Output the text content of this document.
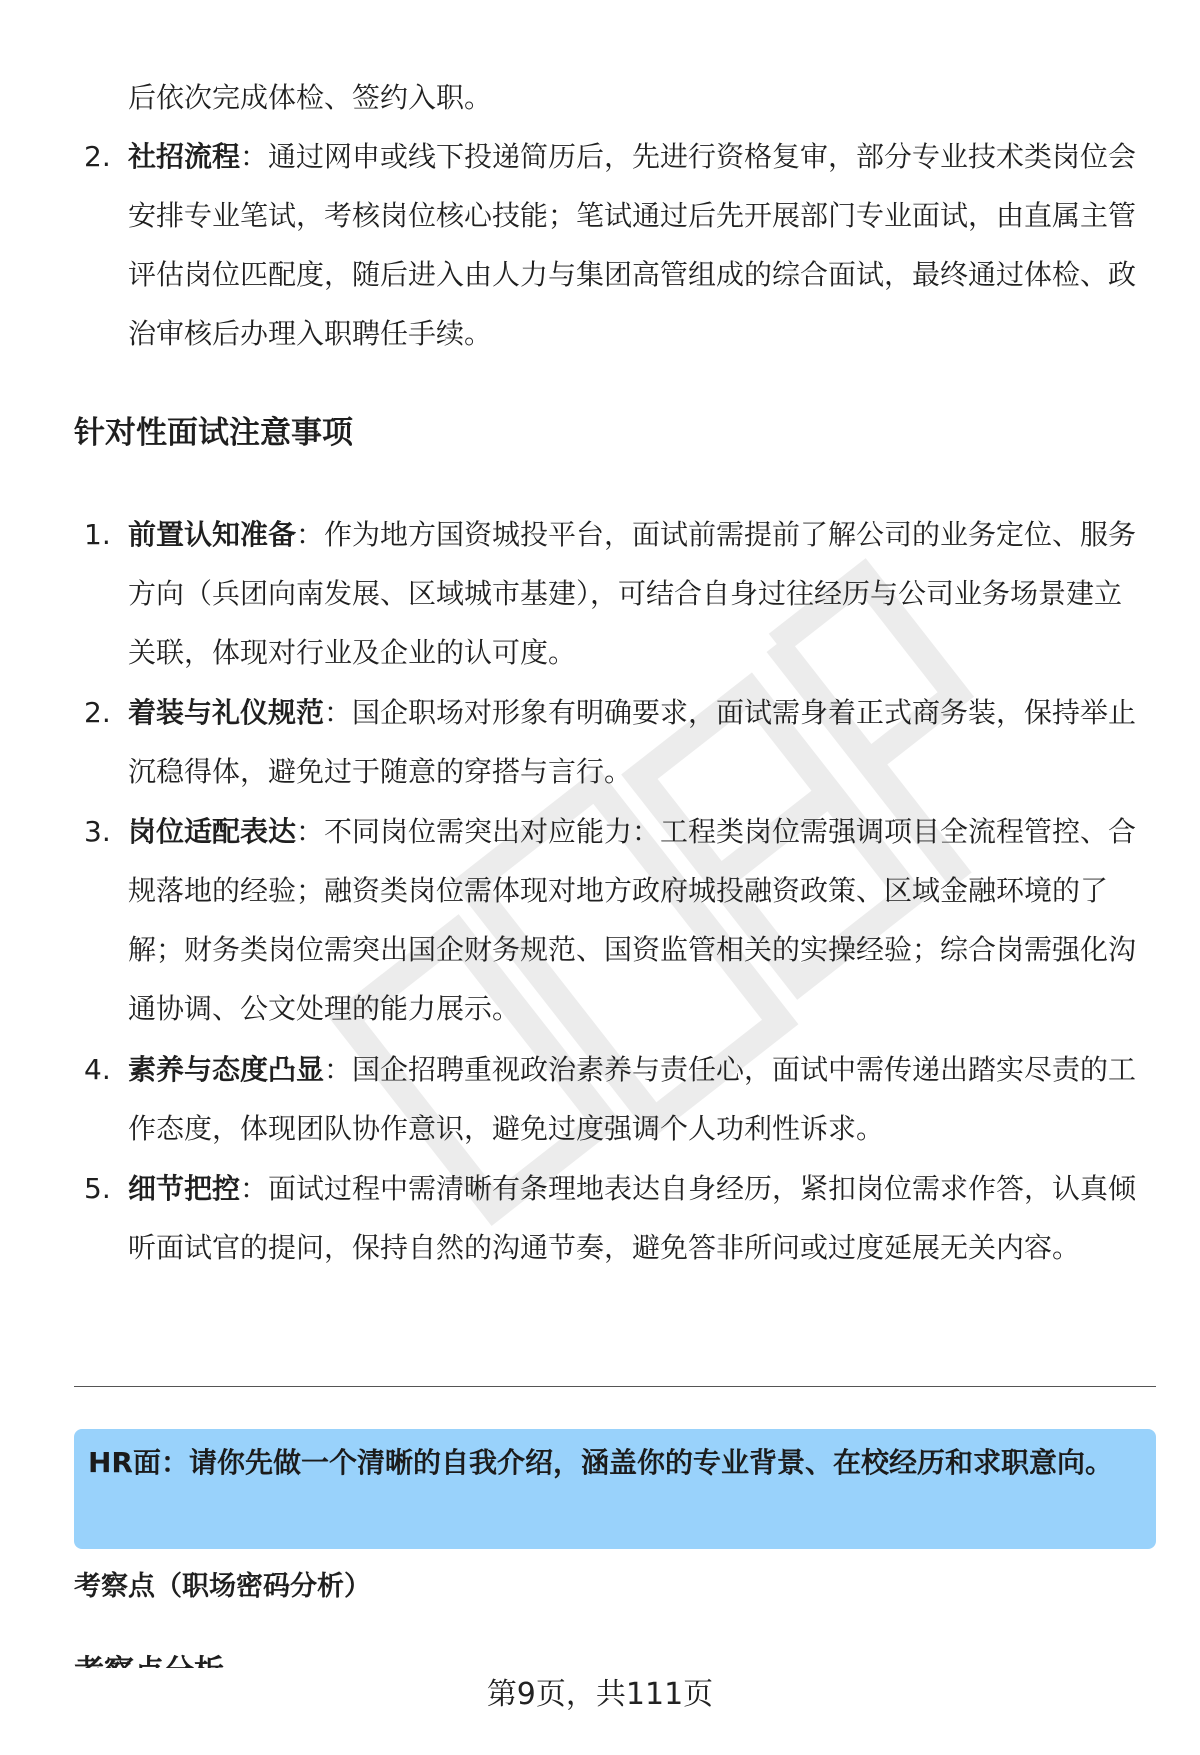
后依次完成体检、签约入职。
2. 社招流程：通过网申或线下投递简历后，先进行资格复审，部分专业技术类岗位会安排专业笔试，考核岗位核心技能；笔试通过后先开展部门专业面试，由直属主管评估岗位匹配度，随后进入由人力与集团高管组成的综合面试，最终通过体检、政治审核后办理入职聘任手续。
针对性面试注意事项
1. 前置认知准备：作为地方国资城投平台，面试前需提前了解公司的业务定位、服务方向（兵团向南发展、区域城市基建），可结合自身过往经历与公司业务场景建立关联，体现对行业及企业的认可度。
2. 着装与礼仪规范：国企职场对形象有明确要求，面试需身着正式商务装，保持举止沉稳得体，避免过于随意的穿搭与言行。
3. 岗位适配表达：不同岗位需突出对应能力：工程类岗位需强调项目全流程管控、合规落地的经验；融资类岗位需体现对地方政府城投融资政策、区域金融环境的了解；财务类岗位需突出国企财务规范、国资监管相关的实操经验；综合岗需强化沟通协调、公文处理的能力展示。
4. 素养与态度凸显：国企招聘重视政治素养与责任心，面试中需传递出踏实尽责的工作态度，体现团队协作意识，避免过度强调个人功利性诉求。
5. 细节把控：面试过程中需清晰有条理地表达自身经历，紧扣岗位需求作答，认真倾听面试官的提问，保持自然的沟通节奏，避免答非所问或过度延展无关内容。
HR面：请你先做一个清晰的自我介绍，涵盖你的专业背景、在校经历和求职意向。
考察点（职场密码分析）
第9页，共111页
